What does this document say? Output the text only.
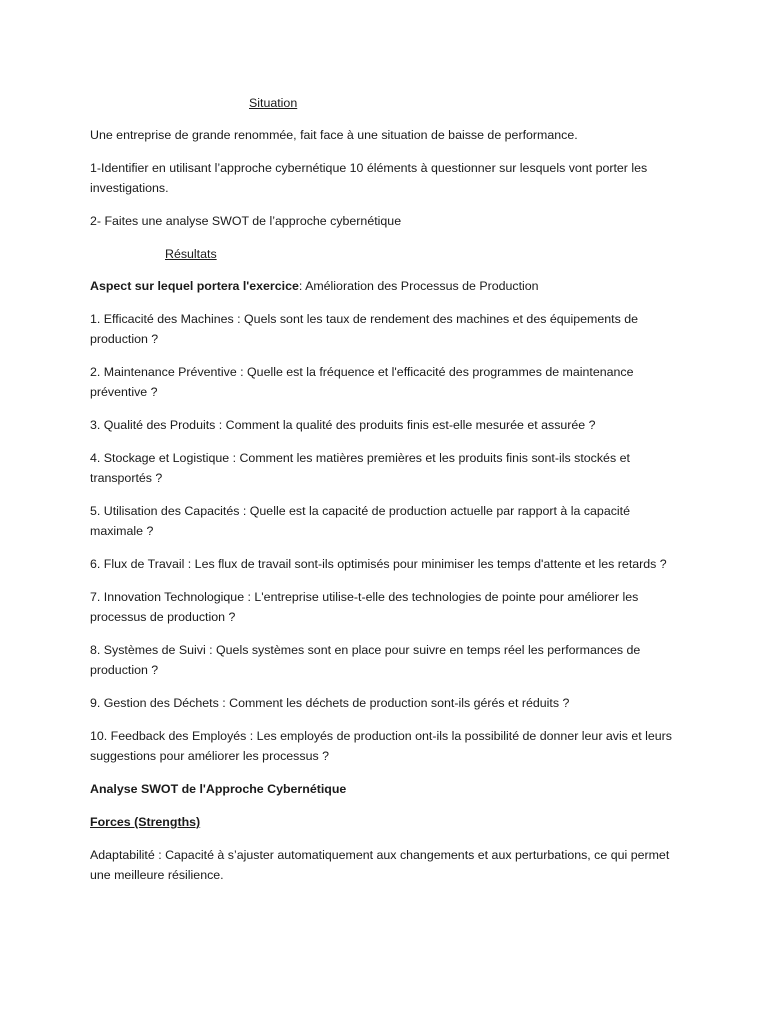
Situation

Une entreprise de grande renommée, fait face à une situation de baisse de performance.

1-Identifier en utilisant l’approche cybernétique 10 éléments à questionner sur lesquels vont porter les investigations.

2- Faites une analyse SWOT de l’approche cybernétique

Résultats

Aspect sur lequel portera l'exercice: Amélioration des Processus de Production

1. Efficacité des Machines : Quels sont les taux de rendement des machines et des équipements de production ?

2. Maintenance Préventive : Quelle est la fréquence et l'efficacité des programmes de maintenance préventive ?

3. Qualité des Produits : Comment la qualité des produits finis est-elle mesurée et assurée ?

4. Stockage et Logistique : Comment les matières premières et les produits finis sont-ils stockés et transportés ?

5. Utilisation des Capacités : Quelle est la capacité de production actuelle par rapport à la capacité maximale ?

6. Flux de Travail : Les flux de travail sont-ils optimisés pour minimiser les temps d'attente et les retards ?

7. Innovation Technologique : L'entreprise utilise-t-elle des technologies de pointe pour améliorer les processus de production ?

8. Systèmes de Suivi : Quels systèmes sont en place pour suivre en temps réel les performances de production ?

9. Gestion des Déchets : Comment les déchets de production sont-ils gérés et réduits ?

10. Feedback des Employés : Les employés de production ont-ils la possibilité de donner leur avis et leurs suggestions pour améliorer les processus ?

Analyse SWOT de l'Approche Cybernétique

Forces (Strengths)

Adaptabilité : Capacité à s’ajuster automatiquement aux changements et aux perturbations, ce qui permet une meilleure résilience.
